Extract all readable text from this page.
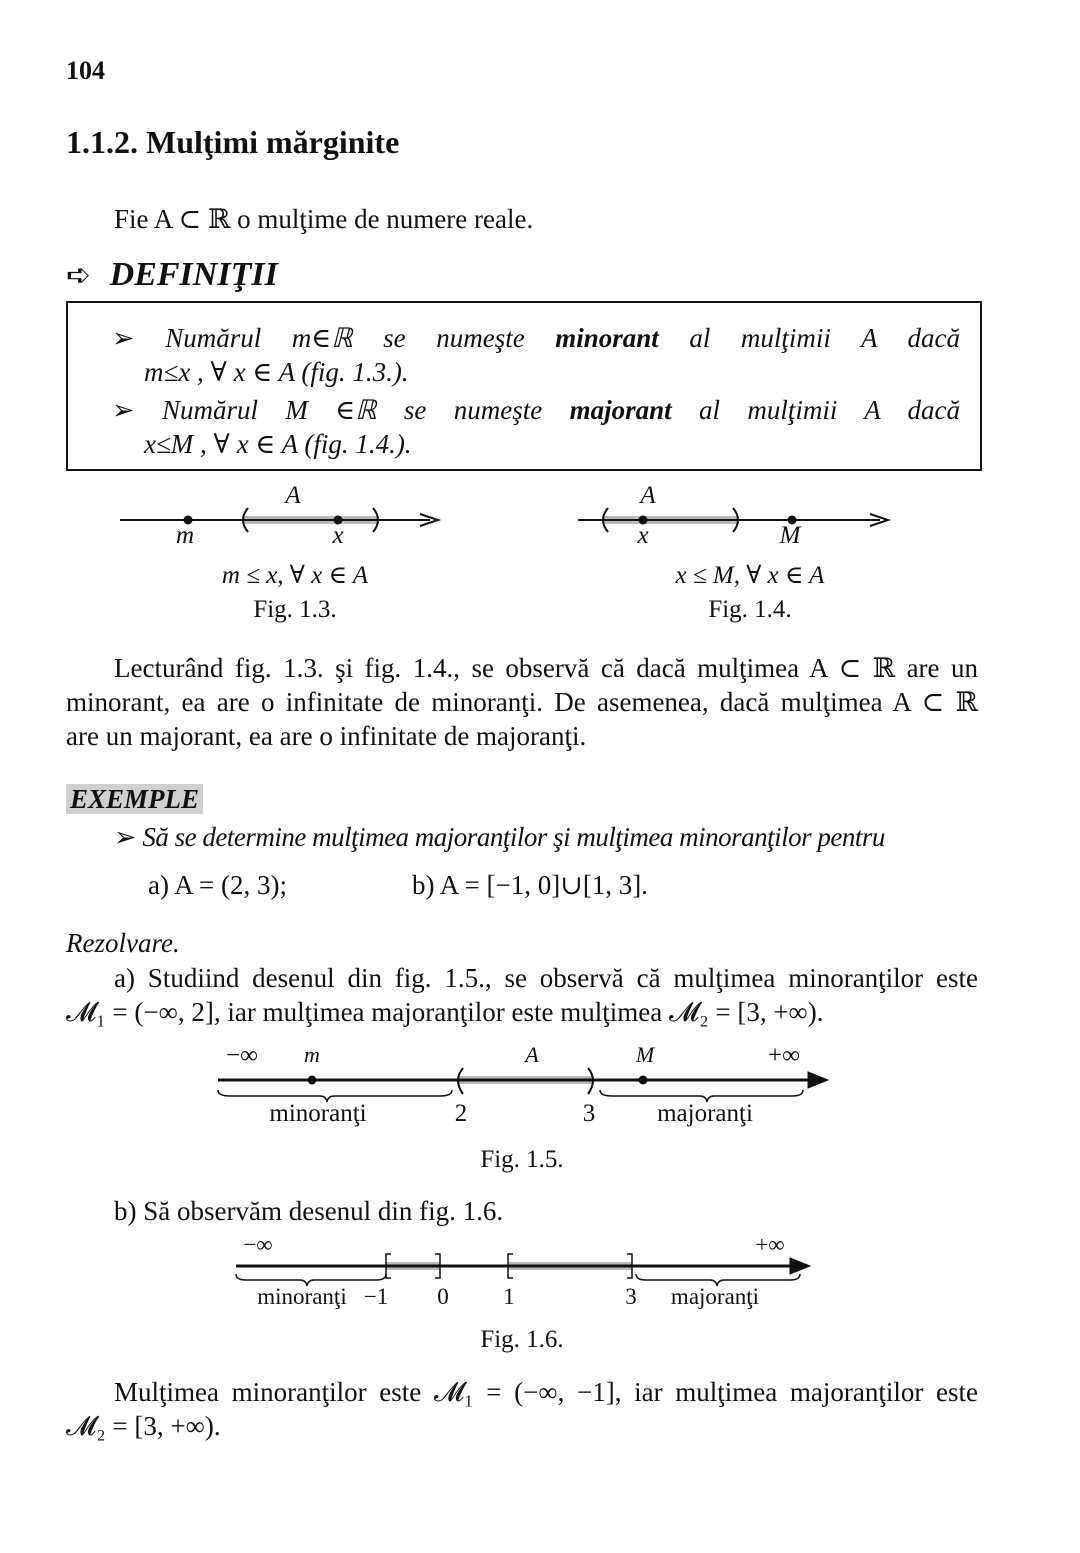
104
1.1.2. Mulţimi mărginite
Fie A ⊂ ℝ o mulţime de numere reale.
➪ DEFINIŢII
➢ Numărul m∈ℝ se numeşte minorant al mulţimii A dacă
m≤x , ∀ x ∈ A (fig. 1.3.).
➢ Numărul M ∈ℝ se numeşte majorant al mulţimii A dacă
x≤M , ∀ x ∈ A (fig. 1.4.).
A
m	x
m ≤ x, ∀ x ∈ A
Fig. 1.3.
A
x	M
x ≤ M, ∀ x ∈ A
Fig. 1.4.
Lecturând fig. 1.3. şi fig. 1.4., se observă că dacă mulţimea A ⊂ ℝ are un
minorant, ea are o infinitate de minoranţi. De asemenea, dacă mulţimea A ⊂ ℝ
are un majorant, ea are o infinitate de majoranţi.
EXEMPLE
➢ Să se determine mulţimea majoranţilor şi mulţimea minoranţilor pentru
a) A = (2, 3);	b) A = [−1, 0]∪[1, 3].
Rezolvare.
a) Studiind desenul din fig. 1.5., se observă că mulţimea minoranţilor este
𝓜₁ = (−∞, 2], iar mulţimea majoranţilor este mulţimea 𝓜₂ = [3, +∞).
−∞ m	A	M	+∞
minoranţi	2	3 majoranţi
Fig. 1.5.
b) Să observăm desenul din fig. 1.6.
−∞	+∞
minoranţi −1 0 1	3 majoranţi
Fig. 1.6.
Mulţimea minoranţilor este 𝓜₁ = (−∞, −1], iar mulţimea majoranţilor este
𝓜₂ = [3, +∞).
